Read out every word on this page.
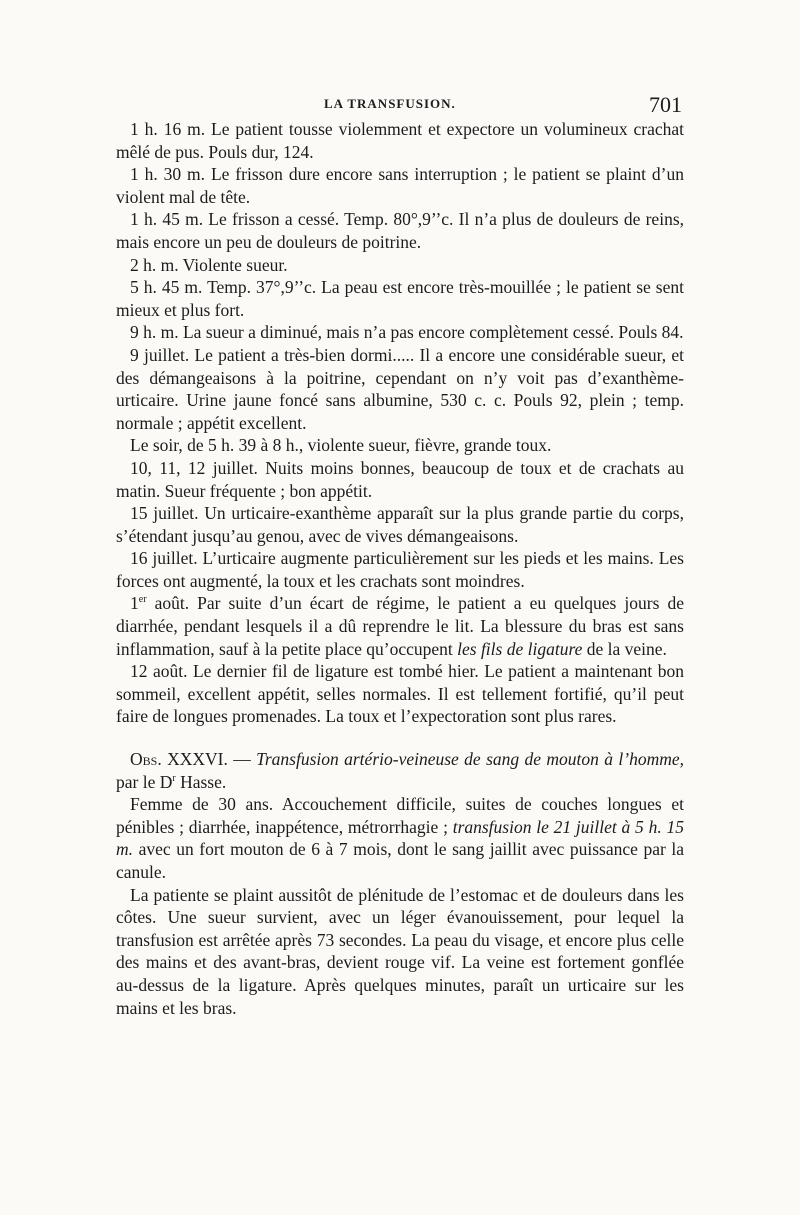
LA TRANSFUSION.	701

1 h. 16 m. Le patient tousse violemment et expectore un volumineux crachat mêlé de pus. Pouls dur, 124.

1 h. 30 m. Le frisson dure encore sans interruption ; le patient se plaint d’un violent mal de tête.

1 h. 45 m. Le frisson a cessé. Temp. 80°,9’’c. Il n’a plus de douleurs de reins, mais encore un peu de douleurs de poitrine.

2 h. m. Violente sueur.

5 h. 45 m. Temp. 37°,9’’c. La peau est encore très-mouillée ; le patient se sent mieux et plus fort.

9 h. m. La sueur a diminué, mais n’a pas encore complètement cessé. Pouls 84.

9 juillet. Le patient a très-bien dormi..... Il a encore une considérable sueur, et des démangeaisons à la poitrine, cependant on n’y voit pas d’exanthème-urticaire. Urine jaune foncé sans albumine, 530 c. c. Pouls 92, plein ; temp. normale ; appétit excellent.

Le soir, de 5 h. 39 à 8 h., violente sueur, fièvre, grande toux.

10, 11, 12 juillet. Nuits moins bonnes, beaucoup de toux et de crachats au matin. Sueur fréquente ; bon appétit.

15 juillet. Un urticaire-exanthème apparaît sur la plus grande partie du corps, s’étendant jusqu’au genou, avec de vives démangeaisons.

16 juillet. L’urticaire augmente particulièrement sur les pieds et les mains. Les forces ont augmenté, la toux et les crachats sont moindres.

1er août. Par suite d’un écart de régime, le patient a eu quelques jours de diarrhée, pendant lesquels il a dû reprendre le lit. La blessure du bras est sans inflammation, sauf à la petite place qu’occupent les fils de ligature de la veine.

12 août. Le dernier fil de ligature est tombé hier. Le patient a maintenant bon sommeil, excellent appétit, selles normales. Il est tellement fortifié, qu’il peut faire de longues promenades. La toux et l’expectoration sont plus rares.

Obs. XXXVI. — Transfusion artério-veineuse de sang de mouton à l’homme, par le $D^r$ Hasse.

Femme de 30 ans. Accouchement difficile, suites de couches longues et pénibles ; diarrhée, inappétence, métrorrhagie ; transfusion le 21 juillet à 5 h. 15 m. avec un fort mouton de 6 à 7 mois, dont le sang jaillit avec puissance par la canule.

La patiente se plaint aussitôt de plénitude de l’estomac et de douleurs dans les côtes. Une sueur survient, avec un léger évanouissement, pour lequel la transfusion est arrêtée après 73 secondes. La peau du visage, et encore plus celle des mains et des avant-bras, devient rouge vif. La veine est fortement gonflée au-dessus de la ligature. Après quelques minutes, paraît un urticaire sur les mains et les bras.
